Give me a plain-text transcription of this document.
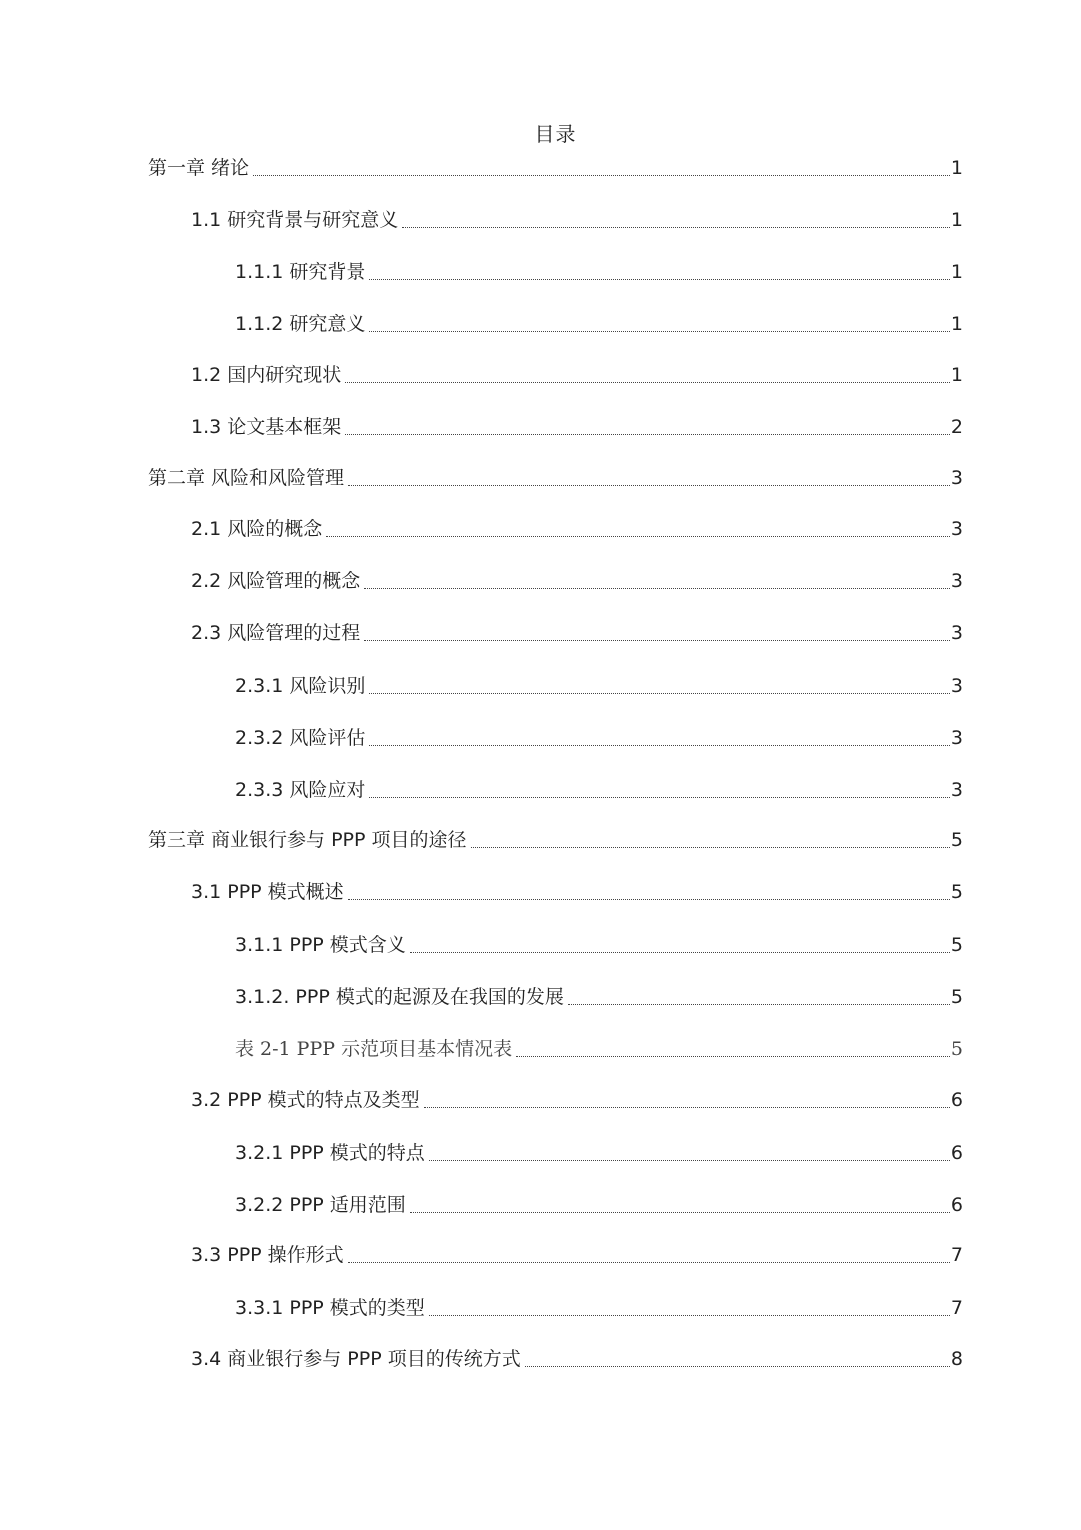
目录
第一章 绪论	1
1.1 研究背景与研究意义	1
1.1.1 研究背景	1
1.1.2 研究意义	1
1.2 国内研究现状	1
1.3 论文基本框架	2
第二章 风险和风险管理	3
2.1 风险的概念	3
2.2 风险管理的概念	3
2.3 风险管理的过程	3
2.3.1 风险识别	3
2.3.2 风险评估	3
2.3.3 风险应对	3
第三章 商业银行参与 PPP 项目的途径	5
3.1 PPP 模式概述	5
3.1.1 PPP 模式含义	5
3.1.2. PPP 模式的起源及在我国的发展	5
表 2-1 PPP 示范项目基本情况表	5
3.2 PPP 模式的特点及类型	6
3.2.1 PPP 模式的特点	6
3.2.2 PPP 适用范围	6
3.3 PPP 操作形式	7
3.3.1 PPP 模式的类型	7
3.4 商业银行参与 PPP 项目的传统方式	8
